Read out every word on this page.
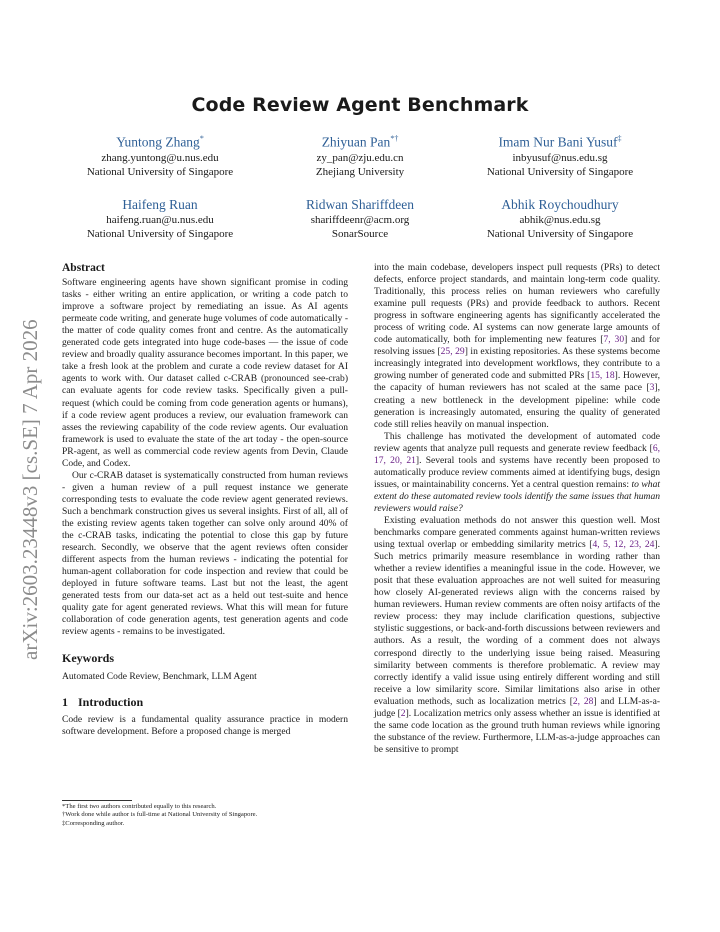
Code Review Agent Benchmark
Yuntong Zhang*
zhang.yuntong@u.nus.edu
National University of Singapore
Zhiyuan Pan*†
zy_pan@zju.edu.cn
Zhejiang University
Imam Nur Bani Yusuf‡
inbyusuf@nus.edu.sg
National University of Singapore
Haifeng Ruan
haifeng.ruan@u.nus.edu
National University of Singapore
Ridwan Shariffdeen
shariffdeenr@acm.org
SonarSource
Abhik Roychoudhury
abhik@nus.edu.sg
National University of Singapore
arXiv:2603.23448v3 [cs.SE] 7 Apr 2026
Abstract

Software engineering agents have shown significant promise in coding tasks - either writing an entire application, or writing a code patch to improve a software project by remediating an issue. As AI agents permeate code writing, and generate huge volumes of code automatically - the matter of code quality comes front and centre. As the automatically generated code gets integrated into huge code-bases — the issue of code review and broadly quality assurance becomes important. In this paper, we take a fresh look at the problem and curate a code review dataset for AI agents to work with. Our dataset called c-CRAB (pronounced see-crab) can evaluate agents for code review tasks. Specifically given a pull-request (which could be coming from code generation agents or humans), if a code review agent produces a review, our evaluation framework can asses the reviewing capability of the code review agents. Our evaluation framework is used to evaluate the state of the art today - the open-source PR-agent, as well as commercial code review agents from Devin, Claude Code, and Codex.

Our c-CRAB dataset is systematically constructed from human reviews - given a human review of a pull request instance we generate corresponding tests to evaluate the code review agent generated reviews. Such a benchmark construction gives us several insights. First of all, all of the existing review agents taken together can solve only around 40% of the c-CRAB tasks, indicating the potential to close this gap by future research. Secondly, we observe that the agent reviews often consider different aspects from the human reviews - indicating the potential for human-agent collaboration for code inspection and review that could be deployed in future software teams. Last but not the least, the agent generated tests from our data-set act as a held out test-suite and hence quality gate for agent generated reviews. What this will mean for future collaboration of code generation agents, test generation agents and code review agents - remains to be investigated.

Keywords

Automated Code Review, Benchmark, LLM Agent

1 Introduction

Code review is a fundamental quality assurance practice in modern software development. Before a proposed change is merged

into the main codebase, developers inspect pull requests (PRs) to detect defects, enforce project standards, and maintain long-term code quality. Traditionally, this process relies on human reviewers who carefully examine pull requests (PRs) and provide feedback to authors. Recent progress in software engineering agents has significantly accelerated the process of writing code. AI systems can now generate large amounts of code automatically, both for implementing new features [7, 30] and for resolving issues [25, 29] in existing repositories. As these systems become increasingly integrated into development workflows, they contribute to a growing number of generated code and submitted PRs [15, 18]. However, the capacity of human reviewers has not scaled at the same pace [3], creating a new bottleneck in the development pipeline: while code generation is increasingly automated, ensuring the quality of generated code still relies heavily on manual inspection.

This challenge has motivated the development of automated code review agents that analyze pull requests and generate review feedback [6, 17, 20, 21]. Several tools and systems have recently been proposed to automatically produce review comments aimed at identifying bugs, design issues, or maintainability concerns. Yet a central question remains: to what extent do these automated review tools identify the same issues that human reviewers would raise?

Existing evaluation methods do not answer this question well. Most benchmarks compare generated comments against human-written reviews using textual overlap or embedding similarity metrics [4, 5, 12, 23, 24]. Such metrics primarily measure resemblance in wording rather than whether a review identifies a meaningful issue in the code. However, we posit that these evaluation approaches are not well suited for measuring how closely AI-generated reviews align with the concerns raised by human reviewers. Human review comments are often noisy artifacts of the review process: they may include clarification questions, subjective stylistic suggestions, or back-and-forth discussions between reviewers and authors. As a result, the wording of a comment does not always correspond directly to the underlying issue being raised. Measuring similarity between comments is therefore problematic. A review may correctly identify a valid issue using entirely different wording and still receive a low similarity score. Similar limitations also arise in other evaluation methods, such as localization metrics [2, 28] and LLM-as-a-judge [2]. Localization metrics only assess whether an issue is identified at the same code location as the ground truth human reviews while ignoring the substance of the review. Furthermore, LLM-as-a-judge approaches can be sensitive to prompt

*The first two authors contributed equally to this research.
†Work done while author is full-time at National University of Singapore.
‡Corresponding author.
